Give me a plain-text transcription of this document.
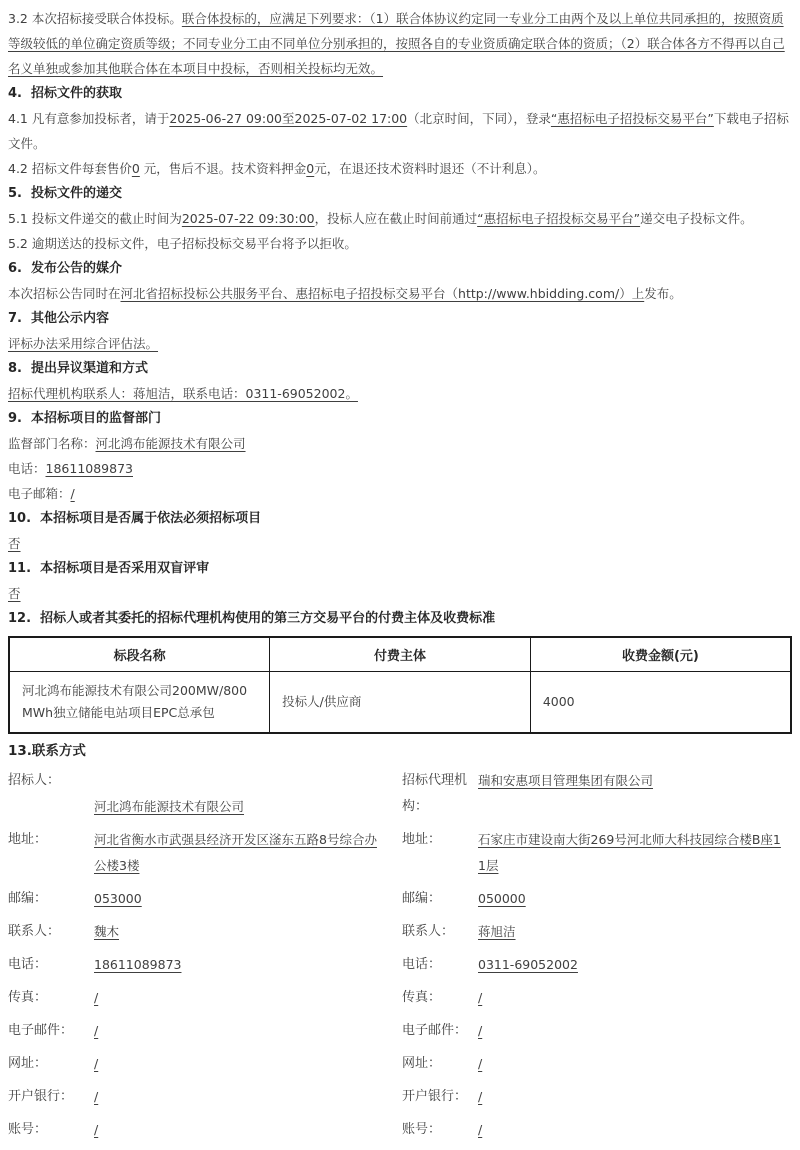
3.2 本次招标接受联合体投标。联合体投标的，应满足下列要求：（1）联合体协议约定同一专业分工由两个及以上单位共同承担的，按照资质等级较低的单位确定资质等级；不同专业分工由不同单位分别承担的，按照各自的专业资质确定联合体的资质；（2）联合体各方不得再以自己名义单独或参加其他联合体在本项目中投标，否则相关投标均无效。

4.  招标文件的获取

4.1 凡有意参加投标者，请于2025-06-27 09:00至2025-07-02 17:00（北京时间，下同），登录“惠招标电子招投标交易平台”下载电子招标文件。

4.2 招标文件每套售价0 元，售后不退。技术资料押金0元，在退还技术资料时退还（不计利息）。

5.  投标文件的递交

5.1 投标文件递交的截止时间为2025-07-22 09:30:00，投标人应在截止时间前通过“惠招标电子招投标交易平台”递交电子投标文件。

5.2 逾期送达的投标文件，电子招标投标交易平台将予以拒收。

6.  发布公告的媒介

本次招标公告同时在河北省招标投标公共服务平台、惠招标电子招投标交易平台（http://www.hbidding.com/）上发布。

7.  其他公示内容

评标办法采用综合评估法。

8.  提出异议渠道和方式

招标代理机构联系人：蒋旭洁，联系电话：0311-69052002。

9.  本招标项目的监督部门

监督部门名称：河北鸿布能源技术有限公司

电话：18611089873

电子邮箱：/

10.  本招标项目是否属于依法必须招标项目

否

11.  本招标项目是否采用双盲评审

否

12.  招标人或者其委托的招标代理机构使用的第三方交易平台的付费主体及收费标准

标段名称	付费主体	收费金额(元)
河北鸿布能源技术有限公司200MW/800MWh独立储能电站项目EPC总承包	投标人/供应商	4000
13.联系方式
招标人：
河北鸿布能源技术有限公司
招标代理机构：
瑞和安惠项目管理集团有限公司
地址：	河北省衡水市武强县经济开发区滏东五路8号综合办公楼3楼
地址：	石家庄市建设南大街269号河北师大科技园综合楼B座11层
邮编：	053000	邮编：	050000
联系人：	魏木	联系人：	蒋旭洁
电话：	18611089873	电话：	0311-69052002
传真：	/	传真：	/
电子邮件：	/	电子邮件： /
网址：	/	网址：	/
开户银行：	/	开户银行： /
账号：	/	账号：	/
